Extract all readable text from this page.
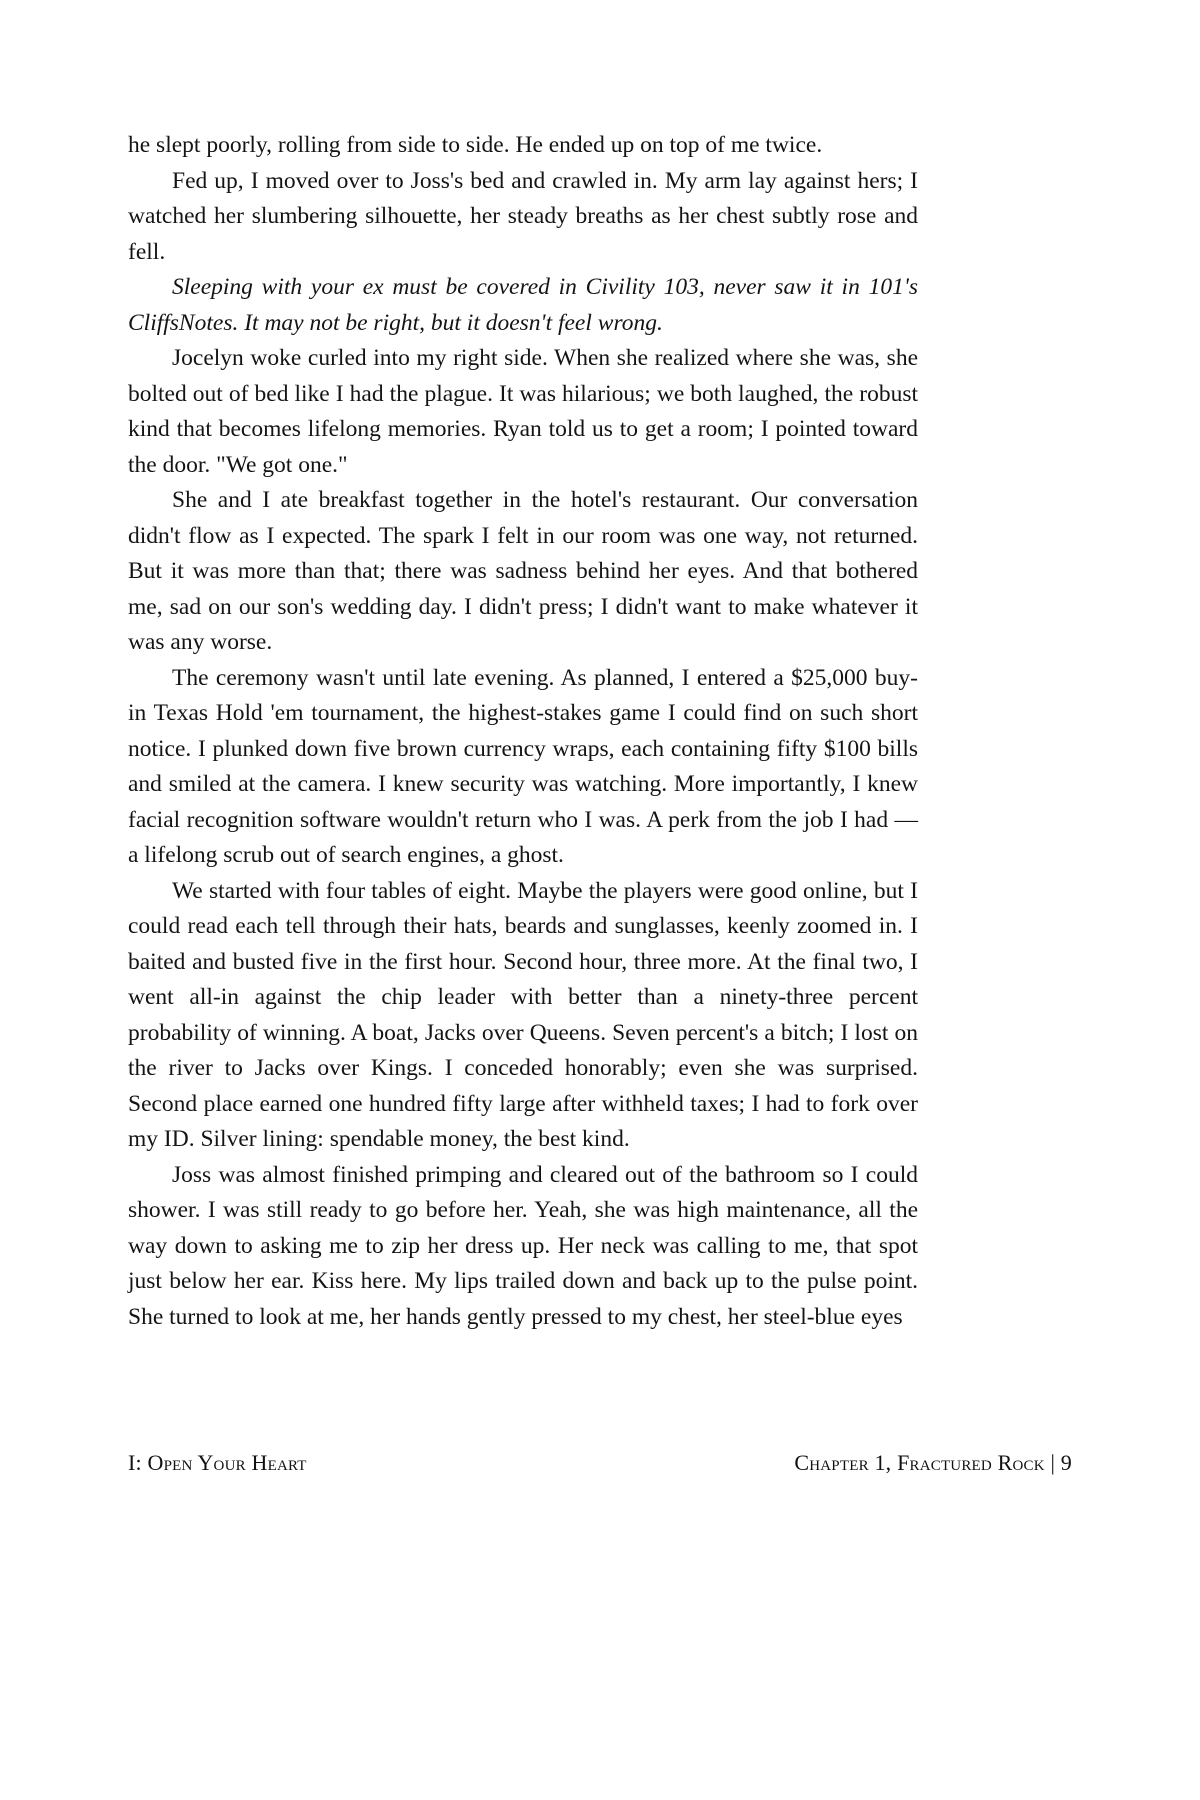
he slept poorly, rolling from side to side. He ended up on top of me twice.

Fed up, I moved over to Joss's bed and crawled in. My arm lay against hers; I watched her slumbering silhouette, her steady breaths as her chest subtly rose and fell.

Sleeping with your ex must be covered in Civility 103, never saw it in 101's CliffsNotes. It may not be right, but it doesn't feel wrong.

Jocelyn woke curled into my right side. When she realized where she was, she bolted out of bed like I had the plague. It was hilarious; we both laughed, the robust kind that becomes lifelong memories. Ryan told us to get a room; I pointed toward the door. "We got one."

She and I ate breakfast together in the hotel's restaurant. Our conversation didn't flow as I expected. The spark I felt in our room was one way, not returned. But it was more than that; there was sadness behind her eyes. And that bothered me, sad on our son's wedding day. I didn't press; I didn't want to make whatever it was any worse.

The ceremony wasn't until late evening. As planned, I entered a $25,000 buy-in Texas Hold 'em tournament, the highest-stakes game I could find on such short notice. I plunked down five brown currency wraps, each containing fifty $100 bills and smiled at the camera. I knew security was watching. More importantly, I knew facial recognition software wouldn't return who I was. A perk from the job I had — a lifelong scrub out of search engines, a ghost.

We started with four tables of eight. Maybe the players were good online, but I could read each tell through their hats, beards and sunglasses, keenly zoomed in. I baited and busted five in the first hour. Second hour, three more. At the final two, I went all-in against the chip leader with better than a ninety-three percent probability of winning. A boat, Jacks over Queens. Seven percent's a bitch; I lost on the river to Jacks over Kings. I conceded honorably; even she was surprised. Second place earned one hundred fifty large after withheld taxes; I had to fork over my ID. Silver lining: spendable money, the best kind.

Joss was almost finished primping and cleared out of the bathroom so I could shower. I was still ready to go before her. Yeah, she was high maintenance, all the way down to asking me to zip her dress up. Her neck was calling to me, that spot just below her ear. Kiss here. My lips trailed down and back up to the pulse point. She turned to look at me, her hands gently pressed to my chest, her steel-blue eyes

I: Open Your Heart	Chapter 1, Fractured Rock | 9
